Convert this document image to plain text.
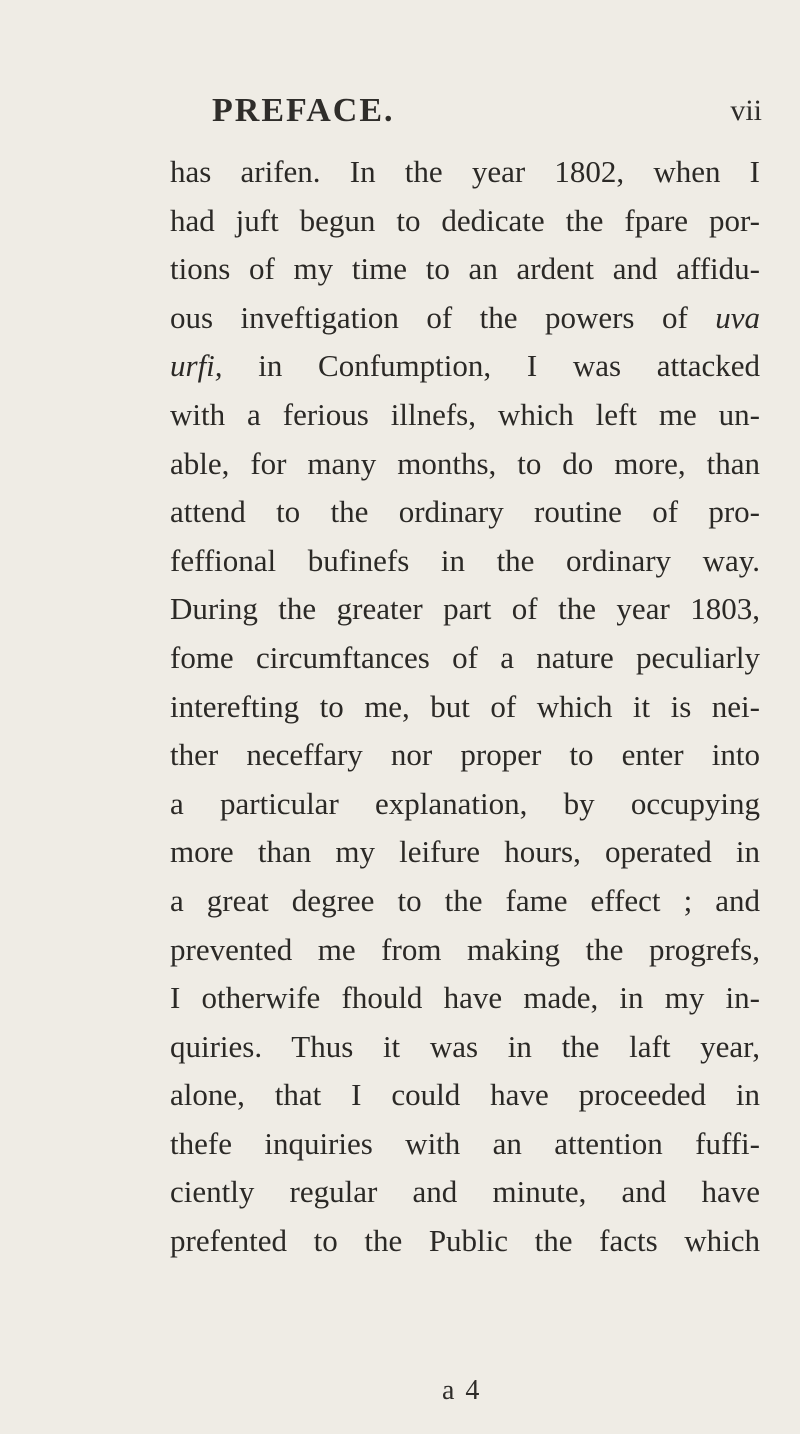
PREFACE.	vii
has arifen. In the year 1802, when I
had juft begun to dedicate the fpare por-
tions of my time to an ardent and affidu-
ous inveftigation of the powers of uva
urfi, in Confumption, I was attacked
with a ferious illnefs, which left me un-
able, for many months, to do more, than
attend to the ordinary routine of pro-
feffional bufinefs in the ordinary way.
During the greater part of the year 1803,
fome circumftances of a nature peculiarly
interefting to me, but of which it is nei-
ther neceffary nor proper to enter into
a particular explanation, by occupying
more than my leifure hours, operated in
a great degree to the fame effect ; and
prevented me from making the progrefs,
I otherwife fhould have made, in my in-
quiries. Thus it was in the laft year,
alone, that I could have proceeded in
thefe inquiries with an attention fuffi-
ciently regular and minute, and have
prefented to the Public the facts which
a 4
